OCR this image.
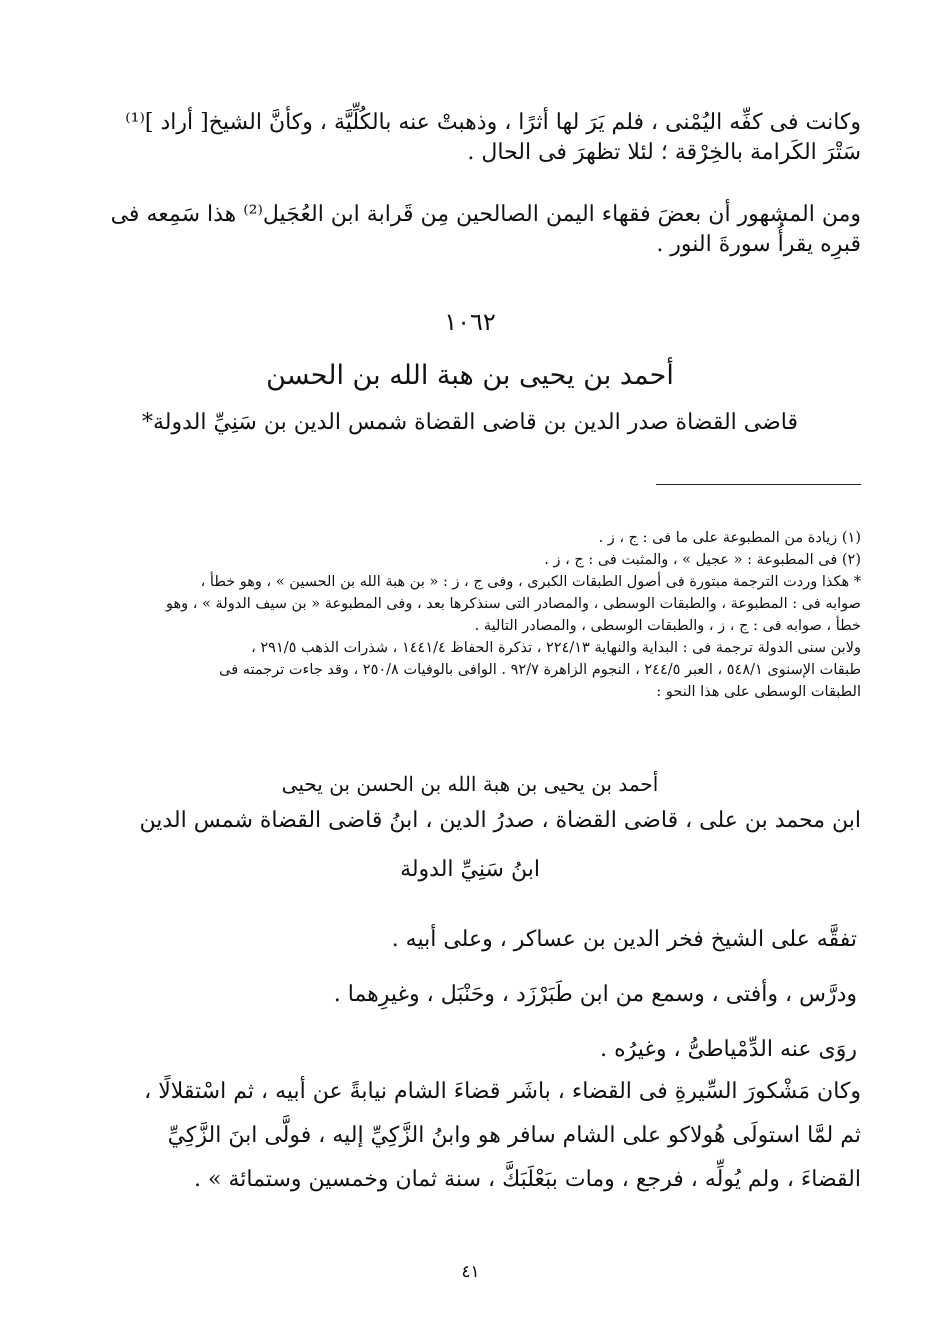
وكانت فى كفِّه اليُمْنى ، فلم يَرَ لها أثرًا ، وذهبتْ عنه بالكُلِّيَّة ، وكأنَّ الشيخ[ أراد ]⁽¹⁾
سَتْرَ الكَرامة بالخِرْقة ؛ لئلا تظهرَ فى الحال .
ومن المشهور أن بعضَ فقهاء اليمن الصالحين مِن قَرابة ابن العُجَيل⁽²⁾ هذا سَمِعه فى
قبرِه يقرأُ سورةَ النور .
١٠٦٢
أحمد بن يحيى بن هبة الله بن الحسن
قاضى القضاة صدر الدين بن قاضى القضاة شمس الدين بن سَنِيِّ الدولة*
(١) زيادة من المطبوعة على ما فى : ج ، ز .
(٢) فى المطبوعة : « عجيل » ، والمثبت فى : ج ، ز .
* هكذا وردت الترجمة مبتورة فى أصول الطبقات الكبرى ، وفى ج ، ز : « بن هبة الله بن الحسين » ، وهو خطأ ،
صوابه فى : المطبوعة ، والطبقات الوسطى ، والمصادر التى سنذكرها بعد ، وفى المطبوعة « بن سيف الدولة » ، وهو
خطأ ، صوابه فى : ج ، ز ، والطبقات الوسطى ، والمصادر التالية .
ولابن سنى الدولة ترجمة فى : البداية والنهاية ٢٢٤/١٣ ، تذكرة الحفاظ ١٤٤١/٤ ، شذرات الذهب ٢٩١/٥ ،
طبقات الإسنوى ٥٤٨/١ ، العبر ٢٤٤/٥ ، النجوم الزاهرة ٩٢/٧ . الوافى بالوفيات ٢٥٠/٨ ، وقد جاءت ترجمته فى
الطبقات الوسطى على هذا النحو :
أحمد بن يحيى بن هبة الله بن الحسن بن يحيى
ابن محمد بن على ، قاضى القضاة ، صدرُ الدين ، ابنُ قاضى القضاة شمس الدين
ابنُ سَنِيِّ الدولة
تفقَّه على الشيخ فخر الدين بن عساكر ، وعلى أبيه .
ودرَّس ، وأفتى ، وسمع من ابن طَبَرْزَد ، وحَنْبَل ، وغيرِهما .
روَى عنه الدِّمْياطىُّ ، وغيرُه .
وكان مَشْكورَ السِّيرةِ فى القضاء ، باشَر قضاءَ الشام نيابةً عن أبيه ، ثم اسْتقلالًا ،
ثم لمَّا استولَى هُولاكو على الشام سافر هو وابنُ الزَّكِيِّ إليه ، فولَّى ابنَ الزَّكِيِّ
القضاءَ ، ولم يُولِّه ، فرجع ، ومات ببَعْلَبَكَّ ، سنة ثمان وخمسين وستمائة » .
٤١
